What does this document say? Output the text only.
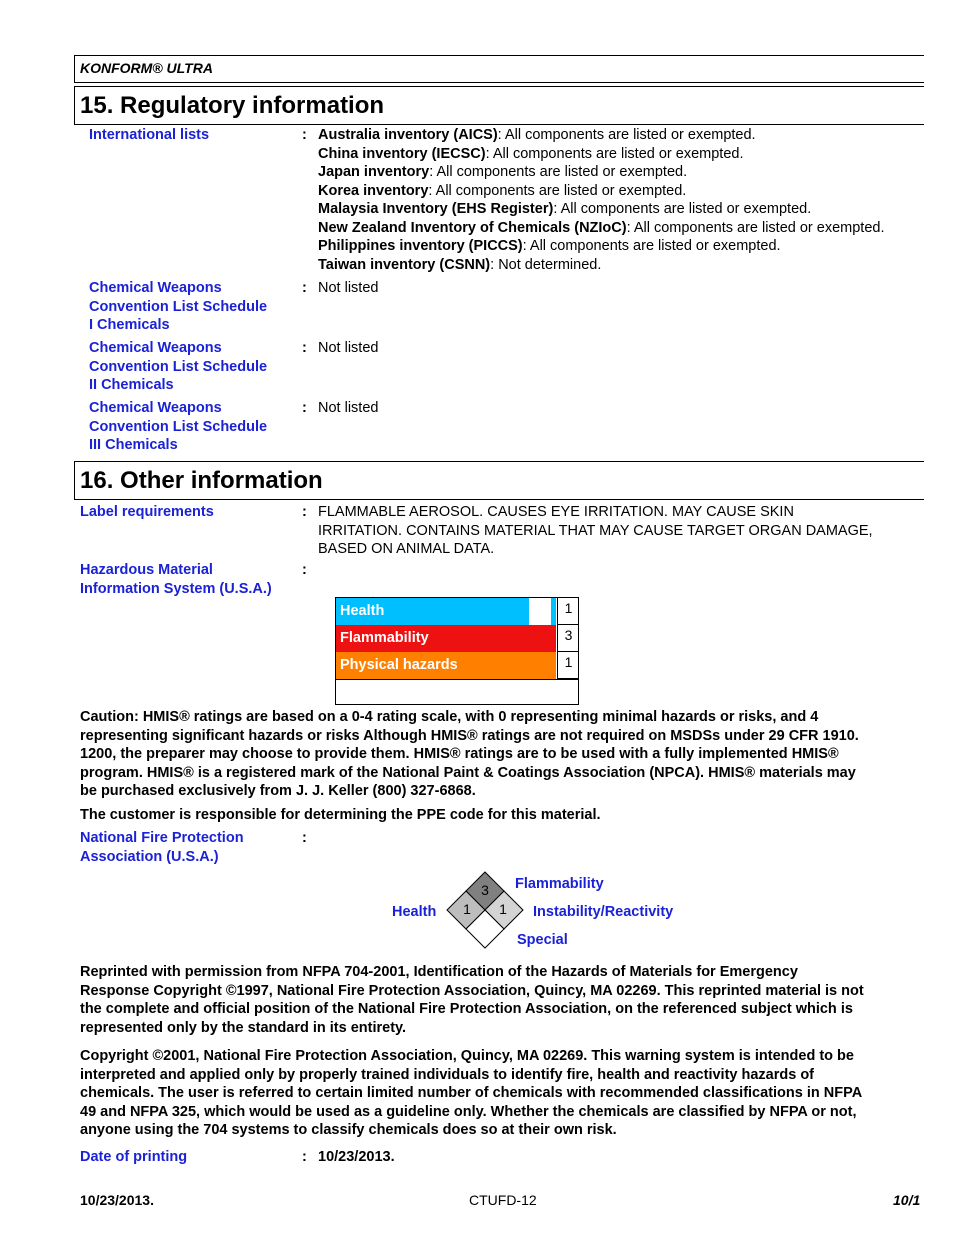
KONFORM® ULTRA
15. Regulatory information
International lists	: Australia inventory (AICS): All components are listed or exempted.
China inventory (IECSC): All components are listed or exempted.
Japan inventory: All components are listed or exempted.
Korea inventory: All components are listed or exempted.
Malaysia Inventory (EHS Register): All components are listed or exempted.
New Zealand Inventory of Chemicals (NZIoC): All components are listed or exempted.
Philippines inventory (PICCS): All components are listed or exempted.
Taiwan inventory (CSNN): Not determined.
Chemical Weapons
Convention List Schedule
I Chemicals
: Not listed
Chemical Weapons
Convention List Schedule
II Chemicals
: Not listed
Chemical Weapons
Convention List Schedule
III Chemicals
: Not listed
16. Other information
Label requirements	: FLAMMABLE AEROSOL. CAUSES EYE IRRITATION. MAY CAUSE SKIN
IRRITATION. CONTAINS MATERIAL THAT MAY CAUSE TARGET ORGAN DAMAGE,
BASED ON ANIMAL DATA.
Hazardous Material
Information System (U.S.A.)
:
Health	1
Flammability	3
Physical hazards	1
Caution: HMIS® ratings are based on a 0-4 rating scale, with 0 representing minimal hazards or risks, and 4
representing significant hazards or risks Although HMIS® ratings are not required on MSDSs under 29 CFR 1910.
1200, the preparer may choose to provide them. HMIS® ratings are to be used with a fully implemented HMIS®
program. HMIS® is a registered mark of the National Paint & Coatings Association (NPCA). HMIS® materials may
be purchased exclusively from J. J. Keller (800) 327-6868.
The customer is responsible for determining the PPE code for this material.
National Fire Protection
Association (U.S.A.)
:
3
1 1
Flammability
Health	Instability/Reactivity
Special
Reprinted with permission from NFPA 704-2001, Identification of the Hazards of Materials for Emergency
Response Copyright ©1997, National Fire Protection Association, Quincy, MA 02269. This reprinted material is not
the complete and official position of the National Fire Protection Association, on the referenced subject which is
represented only by the standard in its entirety.
Copyright ©2001, National Fire Protection Association, Quincy, MA 02269. This warning system is intended to be
interpreted and applied only by properly trained individuals to identify fire, health and reactivity hazards of
chemicals. The user is referred to certain limited number of chemicals with recommended classifications in NFPA
49 and NFPA 325, which would be used as a guideline only. Whether the chemicals are classified by NFPA or not,
anyone using the 704 systems to classify chemicals does so at their own risk.
Date of printing	: 10/23/2013.
10/23/2013.	CTUFD-12	10/1
